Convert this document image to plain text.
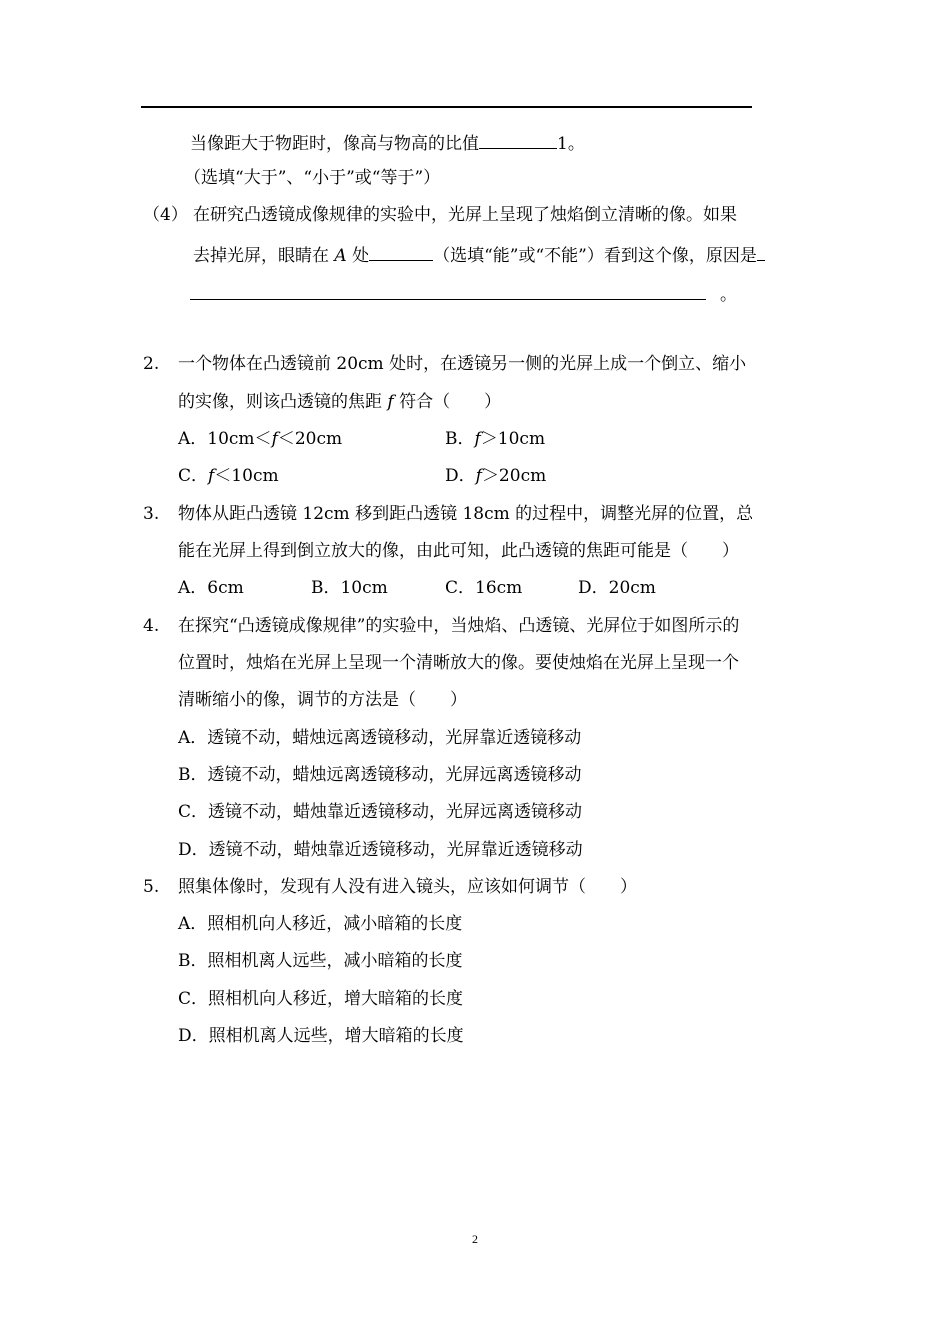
当像距大于物距时，像高与物高的比值	1。
（选填“大于”、“小于”或“等于”）
（4） 在研究凸透镜成像规律的实验中，光屏上呈现了烛焰倒立清晰的像。如果
去掉光屏，眼睛在 A 处	（选填“能”或“不能”）看到这个像，原因是
。
2. 一个物体在凸透镜前 20cm 处时，在透镜另一侧的光屏上成一个倒立、缩小
的实像，则该凸透镜的焦距 f 符合（　　）
A．10cm＜f＜20cm	B．f＞10cm
C．f＜10cm	D．f＞20cm
3. 物体从距凸透镜 12cm 移到距凸透镜 18cm 的过程中，调整光屏的位置，总
能在光屏上得到倒立放大的像，由此可知，此凸透镜的焦距可能是（　　）
A．6cm	B．10cm	C．16cm	D．20cm
4. 在探究“凸透镜成像规律”的实验中，当烛焰、凸透镜、光屏位于如图所示的
位置时，烛焰在光屏上呈现一个清晰放大的像。要使烛焰在光屏上呈现一个
清晰缩小的像，调节的方法是（　　）
A．透镜不动，蜡烛远离透镜移动，光屏靠近透镜移动
B．透镜不动，蜡烛远离透镜移动，光屏远离透镜移动
C．透镜不动，蜡烛靠近透镜移动，光屏远离透镜移动
D．透镜不动，蜡烛靠近透镜移动，光屏靠近透镜移动
5. 照集体像时，发现有人没有进入镜头，应该如何调节（　　）
A．照相机向人移近，减小暗箱的长度
B．照相机离人远些，减小暗箱的长度
C．照相机向人移近，增大暗箱的长度
D．照相机离人远些，增大暗箱的长度
2
